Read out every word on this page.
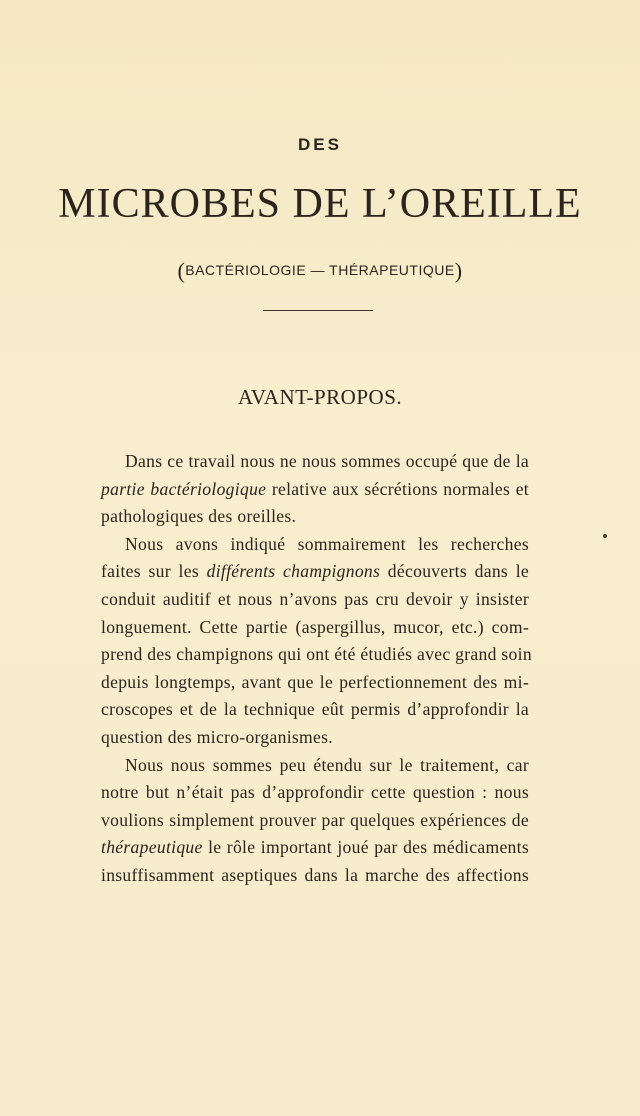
DES
MICROBES DE L’OREILLE
(BACTÉRIOLOGIE — THÉRAPEUTIQUE)
AVANT-PROPOS.
Dans ce travail nous ne nous sommes occupé que de la
partie bactériologique relative aux sécrétions normales et
pathologiques des oreilles.
Nous avons indiqué sommairement les recherches
faites sur les différents champignons découverts dans le
conduit auditif et nous n’avons pas cru devoir y insister
longuement. Cette partie (aspergillus, mucor, etc.) com-
prend des champignons qui ont été étudiés avec grand soin
depuis longtemps, avant que le perfectionnement des mi-
croscopes et de la technique eût permis d’approfondir la
question des micro-organismes.
Nous nous sommes peu étendu sur le traitement, car
notre but n’était pas d’approfondir cette question : nous
voulions simplement prouver par quelques expériences de
thérapeutique le rôle important joué par des médicaments
insuffisamment aseptiques dans la marche des affections
